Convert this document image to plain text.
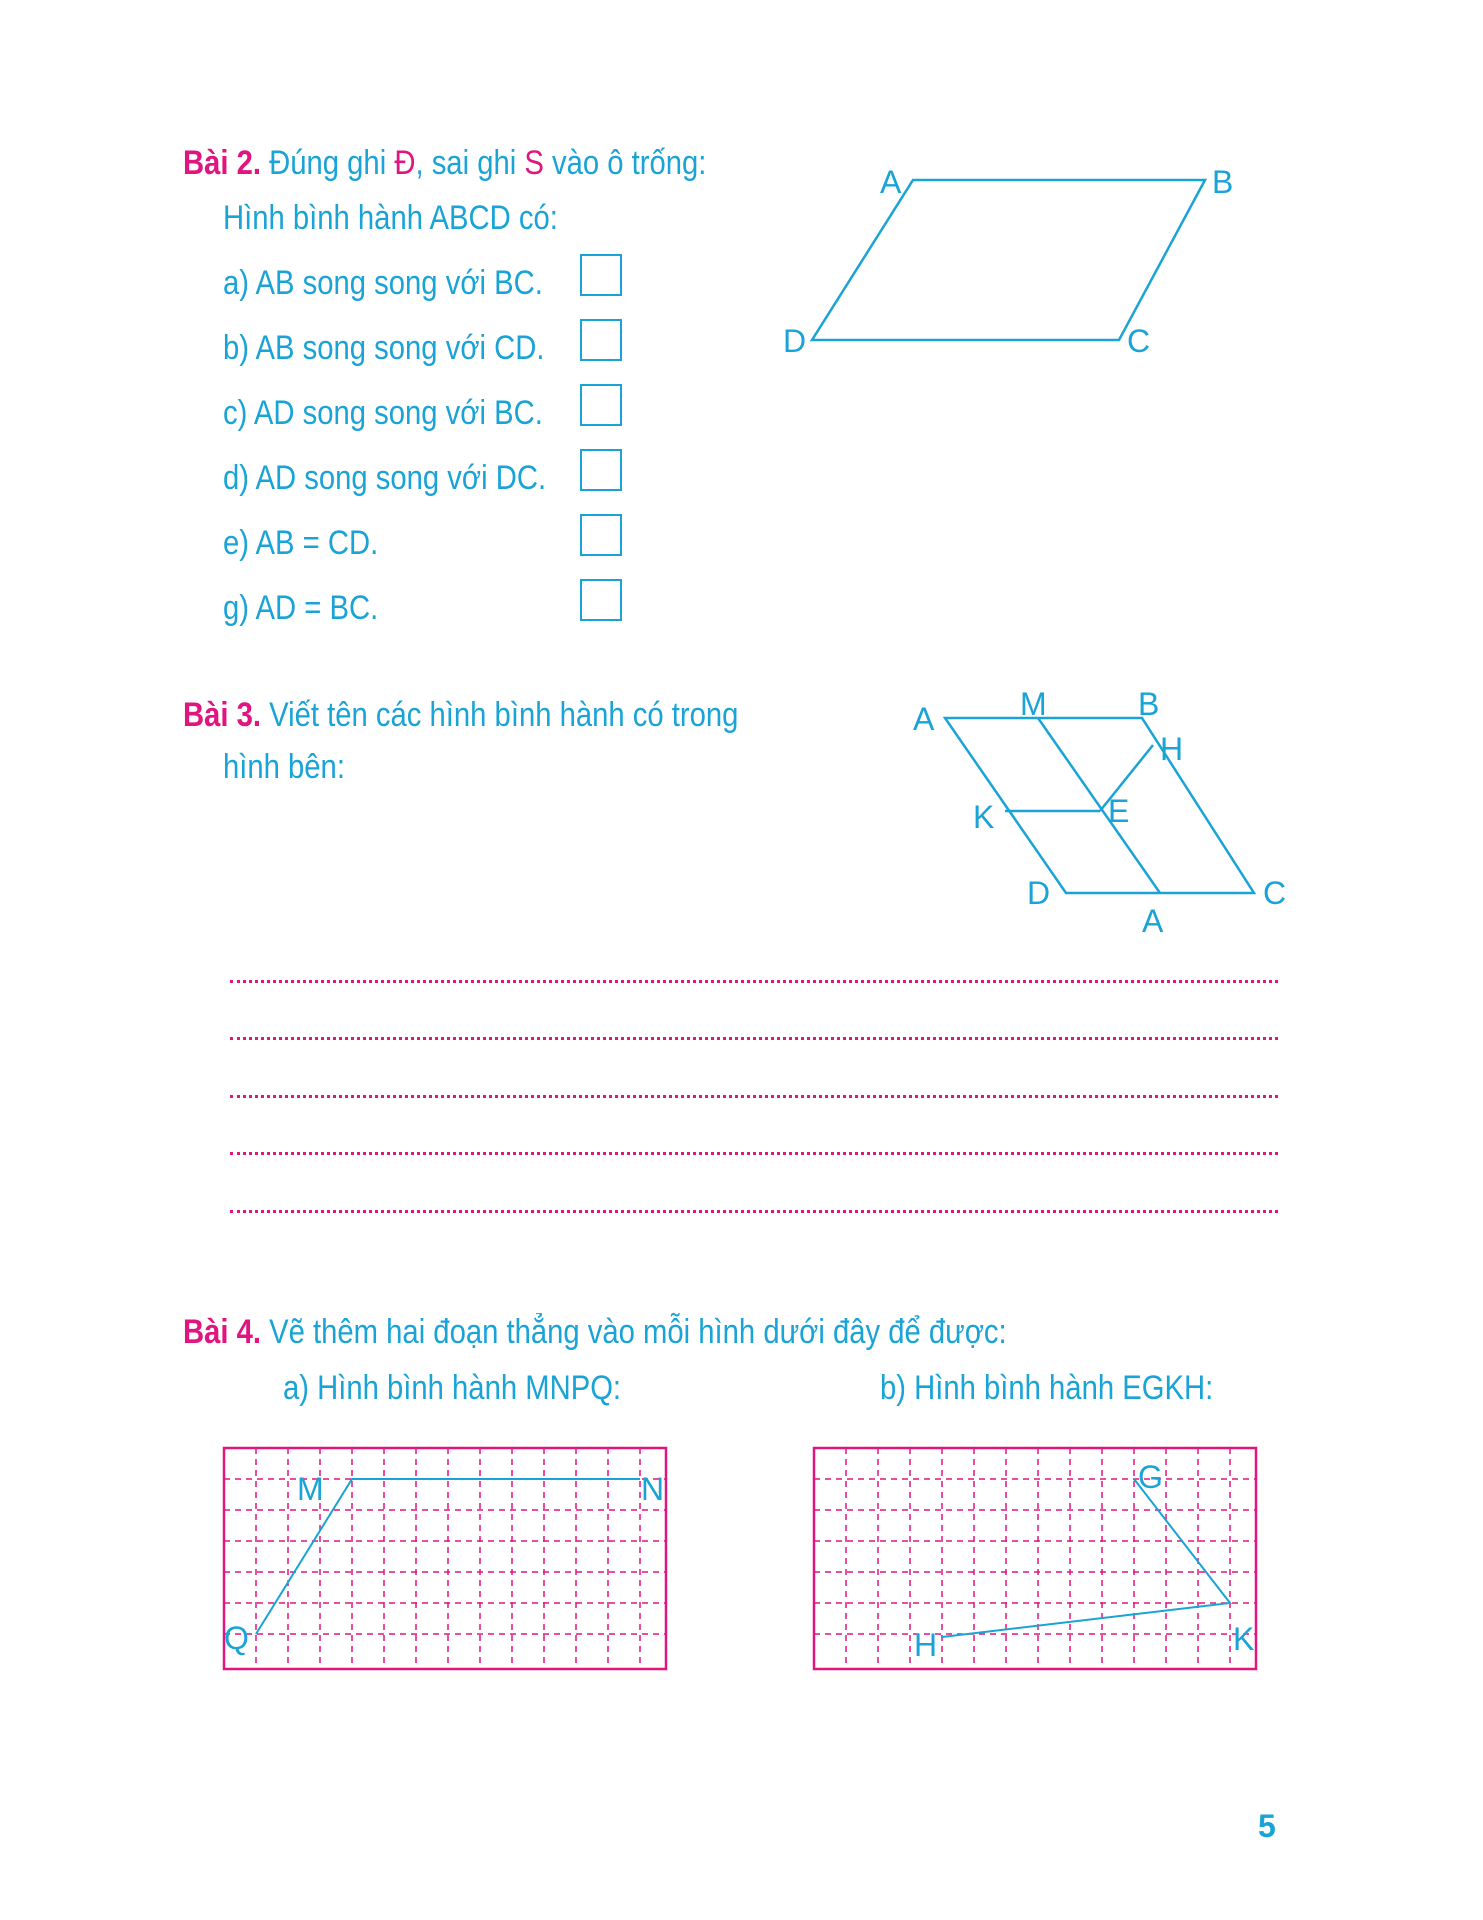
Bài 2. Đúng ghi Đ, sai ghi S vào ô trống:
Hình bình hành ABCD có:
a) AB song song với BC.
b) AB song song với CD.
c) AD song song với BC.
d) AD song song với DC.
e) AB = CD.
g) AD = BC.
Bài 3. Viết tên các hình bình hành có trong
hình bên:
Bài 4. Vẽ thêm hai đoạn thẳng vào mỗi hình dưới đây để được:
a) Hình bình hành MNPQ:	b) Hình bình hành EGKH:
A	B
C
D
A	M	B
H
K	E
D
A
C
M	N
Q
G
H	K
5
